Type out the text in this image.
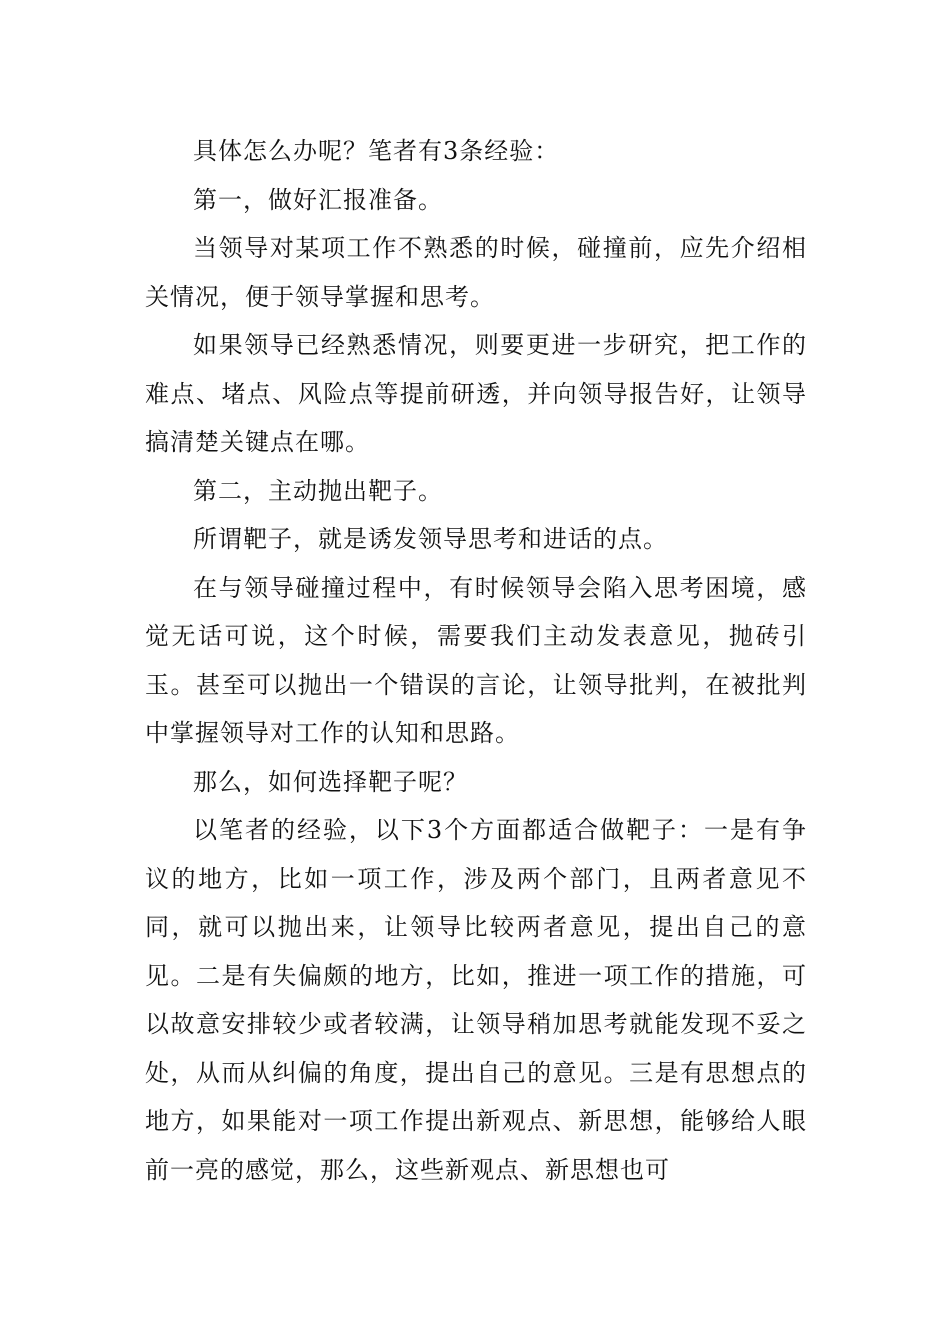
具体怎么办呢？笔者有3条经验：

第一，做好汇报准备。

当领导对某项工作不熟悉的时候，碰撞前，应先介绍相关情况，便于领导掌握和思考。

如果领导已经熟悉情况，则要更进一步研究，把工作的难点、堵点、风险点等提前研透，并向领导报告好，让领导搞清楚关键点在哪。

第二，主动抛出靶子。

所谓靶子，就是诱发领导思考和进话的点。

在与领导碰撞过程中，有时候领导会陷入思考困境，感觉无话可说，这个时候，需要我们主动发表意见，抛砖引玉。甚至可以抛出一个错误的言论，让领导批判，在被批判中掌握领导对工作的认知和思路。

那么，如何选择靶子呢？

以笔者的经验，以下3个方面都适合做靶子：一是有争议的地方，比如一项工作，涉及两个部门，且两者意见不同，就可以抛出来，让领导比较两者意见，提出自己的意见。二是有失偏颇的地方，比如，推进一项工作的措施，可以故意安排较少或者较满，让领导稍加思考就能发现不妥之处，从而从纠偏的角度，提出自己的意见。三是有思想点的地方，如果能对一项工作提出新观点、新思想，能够给人眼前一亮的感觉，那么，这些新观点、新思想也可
